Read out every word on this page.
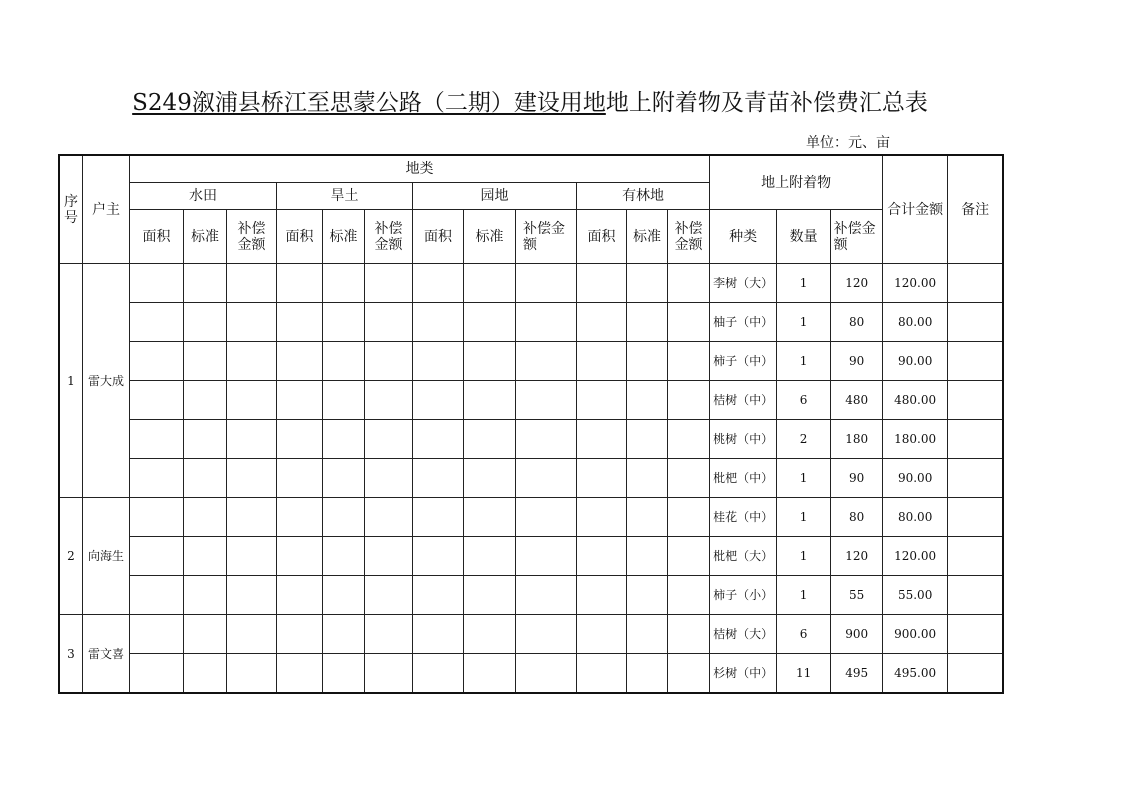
S249溆浦县桥江至思蒙公路（二期）建设用地地上附着物及青苗补偿费汇总表
单位：元、亩
序号	户主	地类												地上附着物			合计金额	备注
		水田			旱土			园地			有林地							
		面积	标准	补偿金额	面积	标准	补偿金额	面积	标准	补偿金额	面积	标准	补偿金额	种类	数量	补偿金额		
1	雷大成													李树（大）	1	120	120.00	
														柚子（中）	1	80	80.00	
														柿子（中）	1	90	90.00	
														桔树（中）	6	480	480.00	
														桃树（中）	2	180	180.00	
														枇杷（中）	1	90	90.00	
2	向海生													桂花（中）	1	80	80.00	
														枇杷（大）	1	120	120.00	
														柿子（小）	1	55	55.00	
3	雷文喜													桔树（大）	6	900	900.00	
														杉树（中）	11	495	495.00	
